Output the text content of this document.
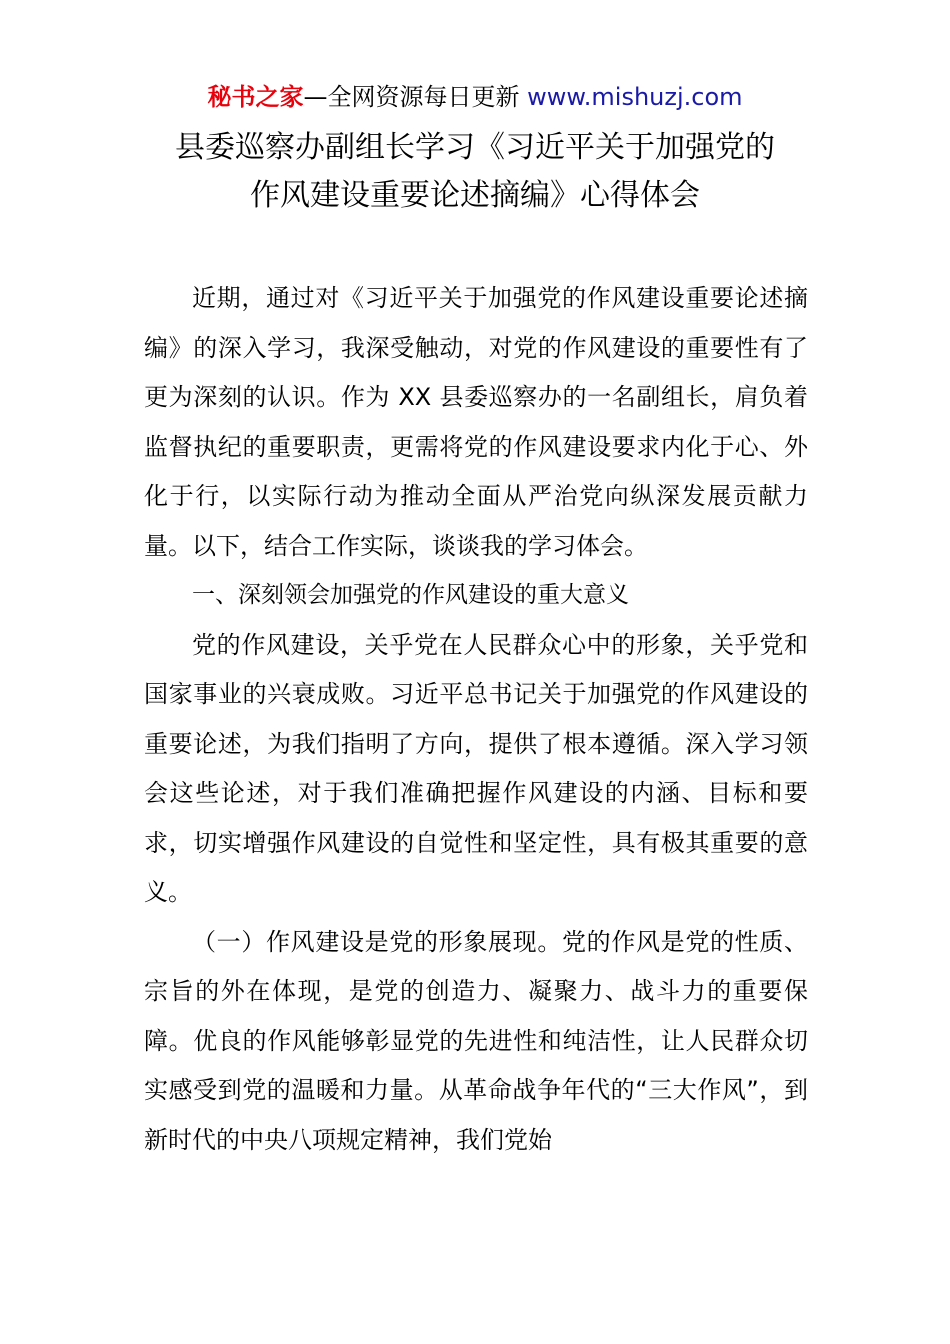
秘书之家—全网资源每日更新 www.mishuzj.com
县委巡察办副组长学习《习近平关于加强党的
作风建设重要论述摘编》心得体会

近期，通过对《习近平关于加强党的作风建设重要论述摘编》的深入学习，我深受触动，对党的作风建设的重要性有了更为深刻的认识。作为 XX 县委巡察办的一名副组长，肩负着监督执纪的重要职责，更需将党的作风建设要求内化于心、外化于行，以实际行动为推动全面从严治党向纵深发展贡献力量。以下，结合工作实际，谈谈我的学习体会。

一、深刻领会加强党的作风建设的重大意义

党的作风建设，关乎党在人民群众心中的形象，关乎党和国家事业的兴衰成败。习近平总书记关于加强党的作风建设的重要论述，为我们指明了方向，提供了根本遵循。深入学习领会这些论述，对于我们准确把握作风建设的内涵、目标和要求，切实增强作风建设的自觉性和坚定性，具有极其重要的意义。

（一）作风建设是党的形象展现。党的作风是党的性质、宗旨的外在体现，是党的创造力、凝聚力、战斗力的重要保障。优良的作风能够彰显党的先进性和纯洁性，让人民群众切实感受到党的温暖和力量。从革命战争年代的“三大作风”，到新时代的中央八项规定精神，我们党始
